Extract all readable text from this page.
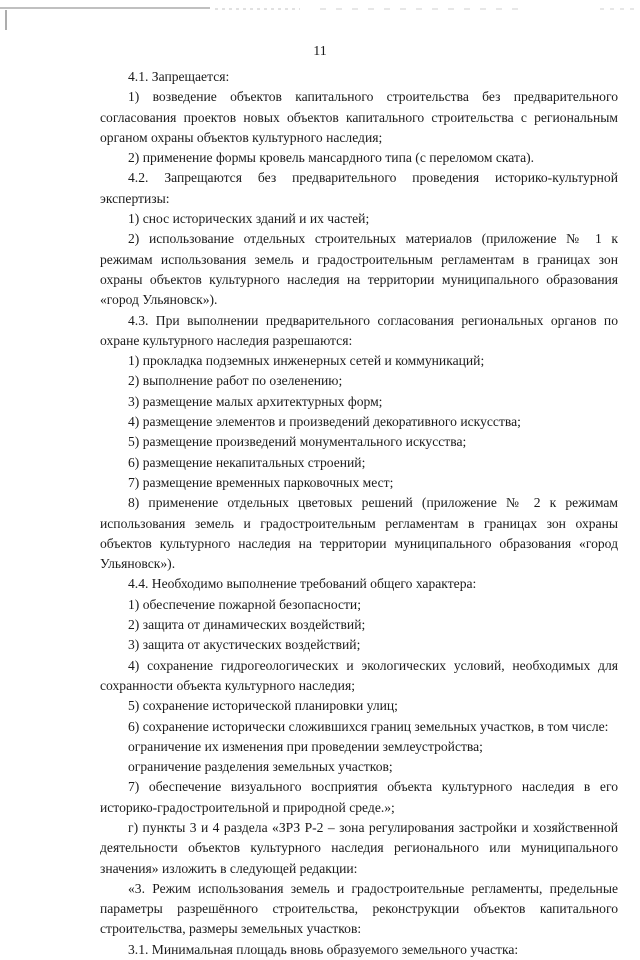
11

4.1. Запрещается:

1) возведение объектов капитального строительства без предварительного согласования проектов новых объектов капитального строительства с региональным органом охраны объектов культурного наследия;

2) применение формы кровель мансардного типа (с переломом ската).

4.2. Запрещаются без предварительного проведения историко-культурной экспертизы:

1) снос исторических зданий и их частей;

2) использование отдельных строительных материалов (приложение № 1 к режимам использования земель и градостроительным регламентам в границах зон охраны объектов культурного наследия на территории муниципального образования «город Ульяновск»).

4.3. При выполнении предварительного согласования региональных органов по охране культурного наследия разрешаются:

1) прокладка подземных инженерных сетей и коммуникаций;

2) выполнение работ по озеленению;

3) размещение малых архитектурных форм;

4) размещение элементов и произведений декоративного искусства;

5) размещение произведений монументального искусства;

6) размещение некапитальных строений;

7) размещение временных парковочных мест;

8) применение отдельных цветовых решений (приложение № 2 к режимам использования земель и градостроительным регламентам в границах зон охраны объектов культурного наследия на территории муниципального образования «город Ульяновск»).

4.4. Необходимо выполнение требований общего характера:

1) обеспечение пожарной безопасности;

2) защита от динамических воздействий;

3) защита от акустических воздействий;

4) сохранение гидрогеологических и экологических условий, необходимых для сохранности объекта культурного наследия;

5) сохранение исторической планировки улиц;

6) сохранение исторически сложившихся границ земельных участков, в том числе:

ограничение их изменения при проведении землеустройства;

ограничение разделения земельных участков;

7) обеспечение визуального восприятия объекта культурного наследия в его историко-градостроительной и природной среде.»;

г) пункты 3 и 4 раздела «ЗРЗ Р-2 – зона регулирования застройки и хозяйственной деятельности объектов культурного наследия регионального или муниципального значения» изложить в следующей редакции:

«3. Режим использования земель и градостроительные регламенты, предельные параметры разрешённого строительства, реконструкции объектов капитального строительства, размеры земельных участков:

3.1. Минимальная площадь вновь образуемого земельного участка:
